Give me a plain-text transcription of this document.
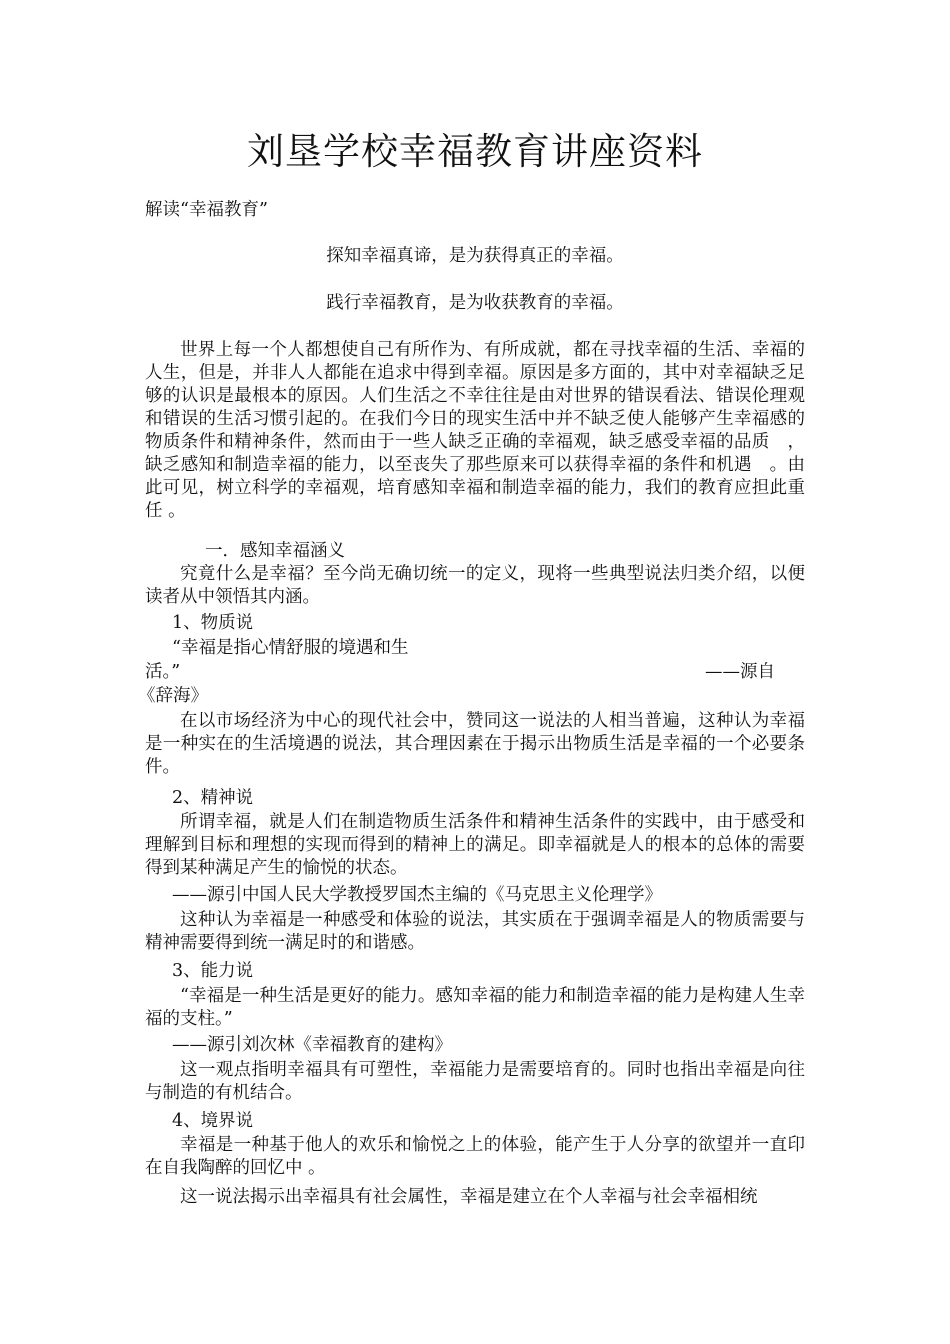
刘垦学校幸福教育讲座资料
解读“幸福教育”
探知幸福真谛，是为获得真正的幸福。
践行幸福教育，是为收获教育的幸福。
世界上每一个人都想使自己有所作为、有所成就，都在寻找幸福的生活、幸福的人生，但是，并非人人都能在追求中得到幸福。原因是多方面的，其中对幸福缺乏足够的认识是最根本的原因。人们生活之不幸往往是由对世界的错误看法、错误伦理观和错误的生活习惯引起的。在我们今日的现实生活中并不缺乏使人能够产生幸福感的物质条件和精神条件，然而由于一些人缺乏正确的幸福观，缺乏感受幸福的品质　，缺乏感知和制造幸福的能力，以至丧失了那些原来可以获得幸福的条件和机遇　。由此可见，树立科学的幸福观，培育感知幸福和制造幸福的能力，我们的教育应担此重任 。
一．感知幸福涵义
究竟什么是幸福？至今尚无确切统一的定义，现将一些典型说法归类介绍，以便读者从中领悟其内涵。
1、物质说
“幸福是指心情舒服的境遇和生
活。”	——源自
《辞海》
在以市场经济为中心的现代社会中，赞同这一说法的人相当普遍，这种认为幸福是一种实在的生活境遇的说法，其合理因素在于揭示出物质生活是幸福的一个必要条件。
2、精神说
所谓幸福，就是人们在制造物质生活条件和精神生活条件的实践中，由于感受和理解到目标和理想的实现而得到的精神上的满足。即幸福就是人的根本的总体的需要得到某种满足产生的愉悦的状态。
——源引中国人民大学教授罗国杰主编的《马克思主义伦理学》
这种认为幸福是一种感受和体验的说法，其实质在于强调幸福是人的物质需要与精神需要得到统一满足时的和谐感。
3、能力说
“幸福是一种生活是更好的能力。感知幸福的能力和制造幸福的能力是构建人生幸福的支柱。”
——源引刘次林《幸福教育的建构》
这一观点指明幸福具有可塑性，幸福能力是需要培育的。同时也指出幸福是向往与制造的有机结合。
4、境界说
幸福是一种基于他人的欢乐和愉悦之上的体验，能产生于人分享的欲望并一直印在自我陶醉的回忆中 。
这一说法揭示出幸福具有社会属性，幸福是建立在个人幸福与社会幸福相统
